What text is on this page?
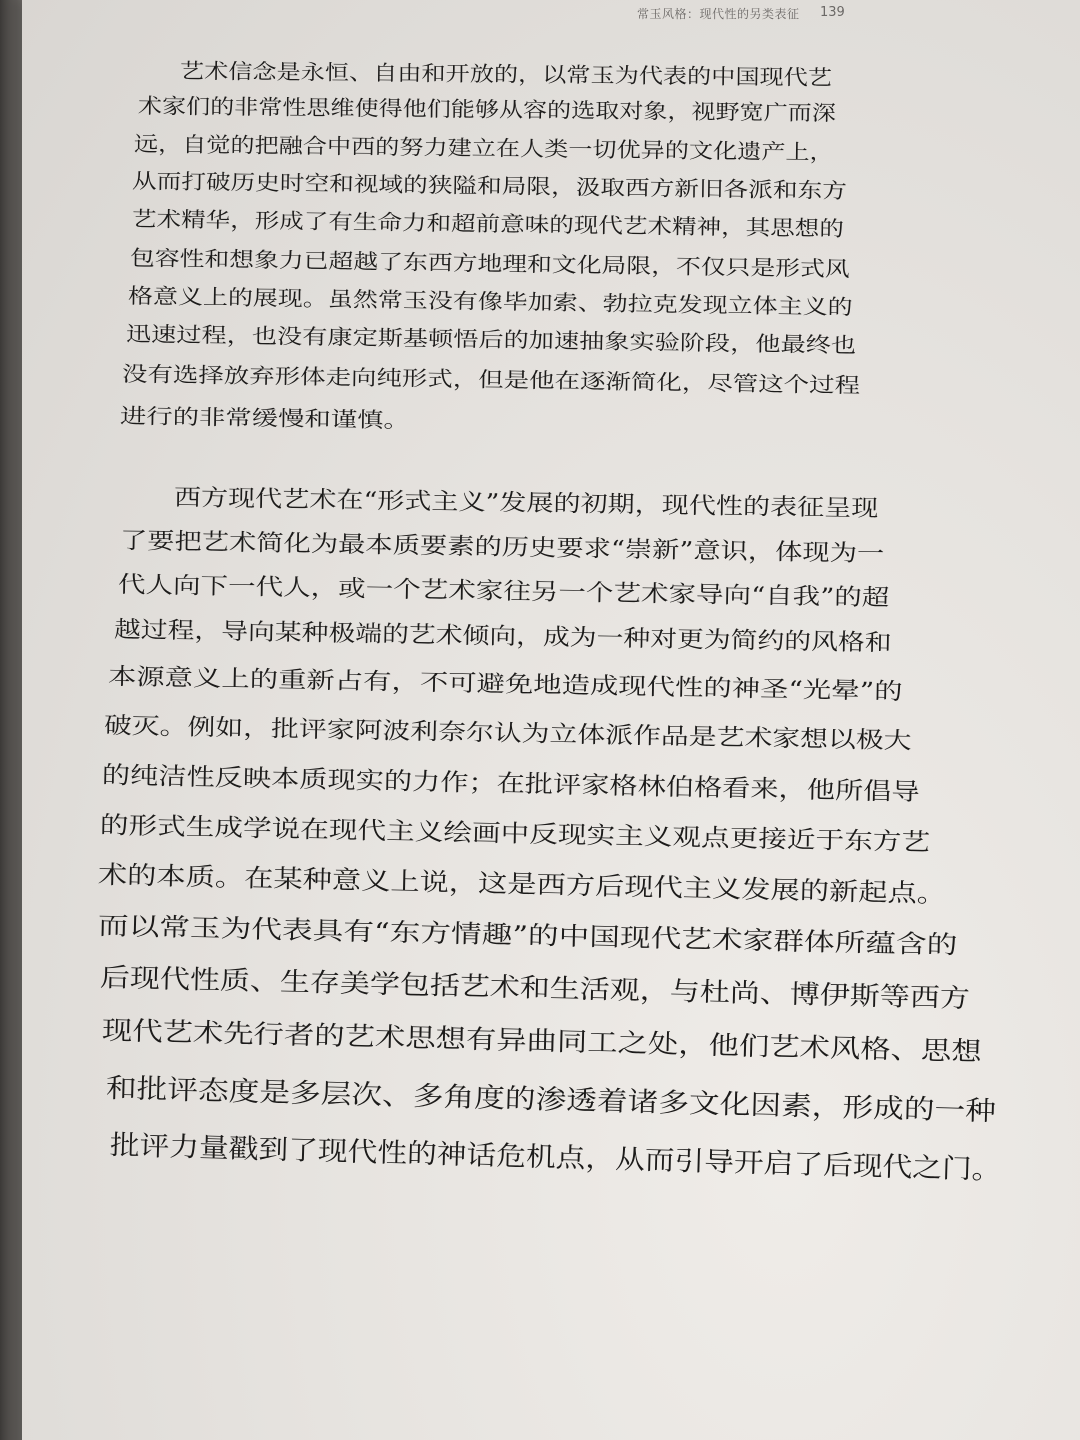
常玉风格：现代性的另类表征 139
艺术信念是永恒、自由和开放的，以常玉为代表的中国现代艺
术家们的非常性思维使得他们能够从容的选取对象，视野宽广而深
远，自觉的把融合中西的努力建立在人类一切优异的文化遗产上，
从而打破历史时空和视域的狭隘和局限，汲取西方新旧各派和东方
艺术精华，形成了有生命力和超前意味的现代艺术精神，其思想的
包容性和想象力已超越了东西方地理和文化局限，不仅只是形式风
格意义上的展现。虽然常玉没有像毕加索、勃拉克发现立体主义的
迅速过程，也没有康定斯基顿悟后的加速抽象实验阶段，他最终也
没有选择放弃形体走向纯形式，但是他在逐渐简化，尽管这个过程
进行的非常缓慢和谨慎。
西方现代艺术在“形式主义”发展的初期，现代性的表征呈现
了要把艺术简化为最本质要素的历史要求“崇新”意识，体现为一
代人向下一代人，或一个艺术家往另一个艺术家导向“自我”的超
越过程，导向某种极端的艺术倾向，成为一种对更为简约的风格和
本源意义上的重新占有，不可避免地造成现代性的神圣“光晕”的
破灭。例如，批评家阿波利奈尔认为立体派作品是艺术家想以极大
的纯洁性反映本质现实的力作；在批评家格林伯格看来，他所倡导
的形式生成学说在现代主义绘画中反现实主义观点更接近于东方艺
术的本质。在某种意义上说，这是西方后现代主义发展的新起点。
而以常玉为代表具有“东方情趣”的中国现代艺术家群体所蕴含的
后现代性质、生存美学包括艺术和生活观，与杜尚、博伊斯等西方
现代艺术先行者的艺术思想有异曲同工之处，他们艺术风格、思想
和批评态度是多层次、多角度的渗透着诸多文化因素，形成的一种
批评力量戳到了现代性的神话危机点，从而引导开启了后现代之门。
